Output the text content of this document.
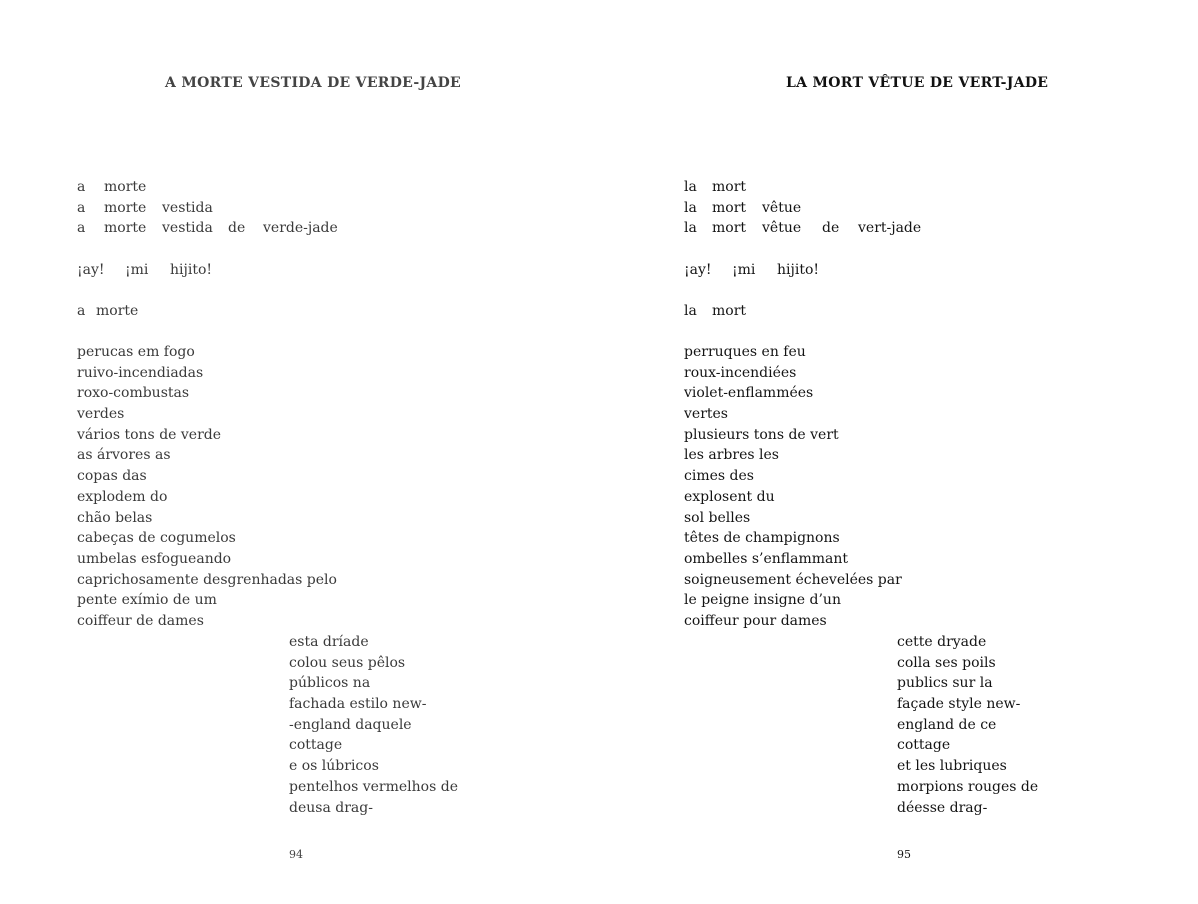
A MORTE VESTIDA DE VERDE-JADE
a morte
a morte vestida
a morte vestida de verde-jade
¡ay! ¡mi hijito!
a morte
perucas em fogo
ruivo-incendiadas
roxo-combustas
verdes
vários tons de verde
as árvores as
copas das
explodem do
chão belas
cabeças de cogumelos
umbelas esfogueando
caprichosamente desgrenhadas pelo
pente exímio de um
coiffeur de dames
esta dríade
colou seus pêlos
públicos na
fachada estilo new-
-england daquele
cottage
e os lúbricos
pentelhos vermelhos de
deusa drag-
94
LA MORT VÊTUE DE VERT-JADE
la mort
la mort vêtue
la mort vêtue de vert-jade
¡ay! ¡mi hijito!
la mort
perruques en feu
roux-incendiées
violet-enflammées
vertes
plusieurs tons de vert
les arbres les
cimes des
explosent du
sol belles
têtes de champignons
ombelles s’enflammant
soigneusement échevelées par
le peigne insigne d’un
coiffeur pour dames
cette dryade
colla ses poils
publics sur la
façade style new-
england de ce
cottage
et les lubriques
morpions rouges de
déesse drag-
95
